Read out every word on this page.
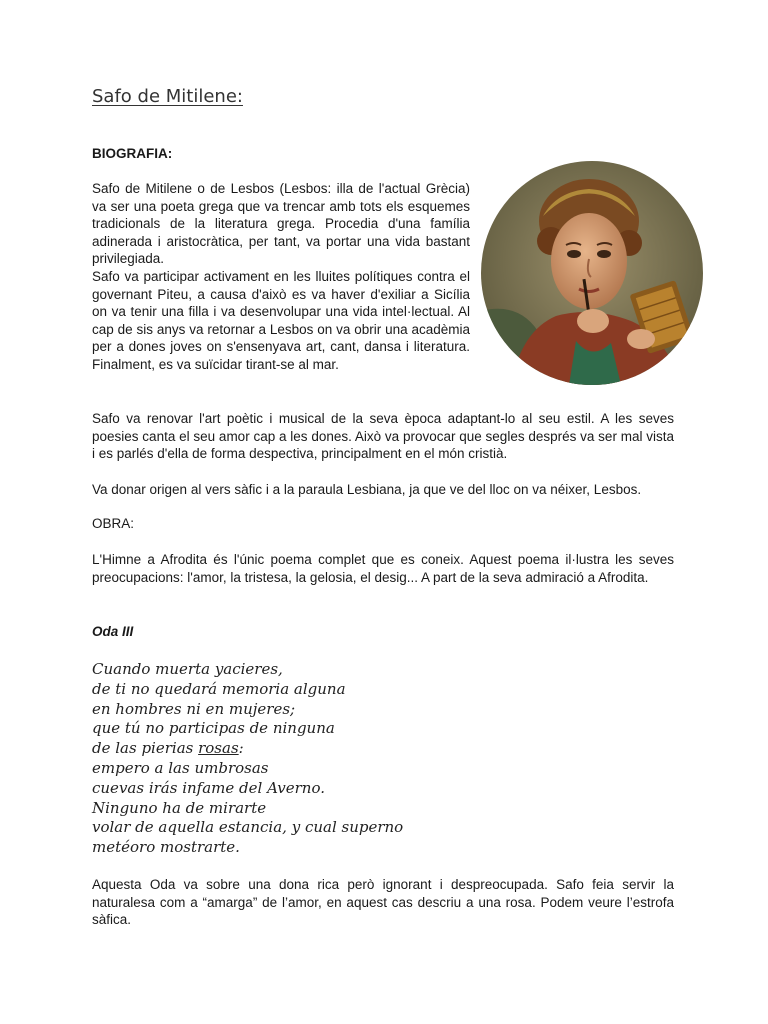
Safo de Mitilene:
BIOGRAFIA:

Safo de Mitilene o de Lesbos (Lesbos: illa de l'actual Grècia) va ser una poeta grega que va trencar amb tots els esquemes tradicionals de la literatura grega. Procedia d'una família adinerada i aristocràtica, per tant, va portar una vida bastant privilegiada.

Safo va participar activament en les lluites polítiques contra el governant Piteu, a causa d'això es va haver d'exiliar a Sicília on va tenir una filla i va desenvolupar una vida intel·lectual. Al cap de sis anys va retornar a Lesbos on va obrir una acadèmia per a dones joves on s'ensenyava art, cant, dansa i literatura. Finalment, es va suïcidar tirant-se al mar.

Safo va renovar l'art poètic i musical de la seva època adaptant-lo al seu estil. A les seves poesies canta el seu amor cap a les dones. Això va provocar que segles després va ser mal vista i es parlés d'ella de forma despectiva, principalment en el món cristià.

Va donar origen al vers sàfic i a la paraula Lesbiana, ja que ve del lloc on va néixer, Lesbos.

OBRA:

L'Himne a Afrodita és l'únic poema complet que es coneix. Aquest poema il·lustra les seves preocupacions: l'amor, la tristesa, la gelosia, el desig... A part de la seva admiració a Afrodita.

Oda III

Cuando muerta yacieres,
de ti no quedará memoria alguna
en hombres ni en mujeres;
que tú no participas de ninguna
de las pierias rosas:
empero a las umbrosas
cuevas irás infame del Averno.
Ninguno ha de mirarte
volar de aquella estancia, y cual superno
metéoro mostrarte.

Aquesta Oda va sobre una dona rica però ignorant i despreocupada. Safo feia servir la naturalesa com a “amarga” de l’amor, en aquest cas descriu a una rosa. Podem veure l’estrofa sàfica.
